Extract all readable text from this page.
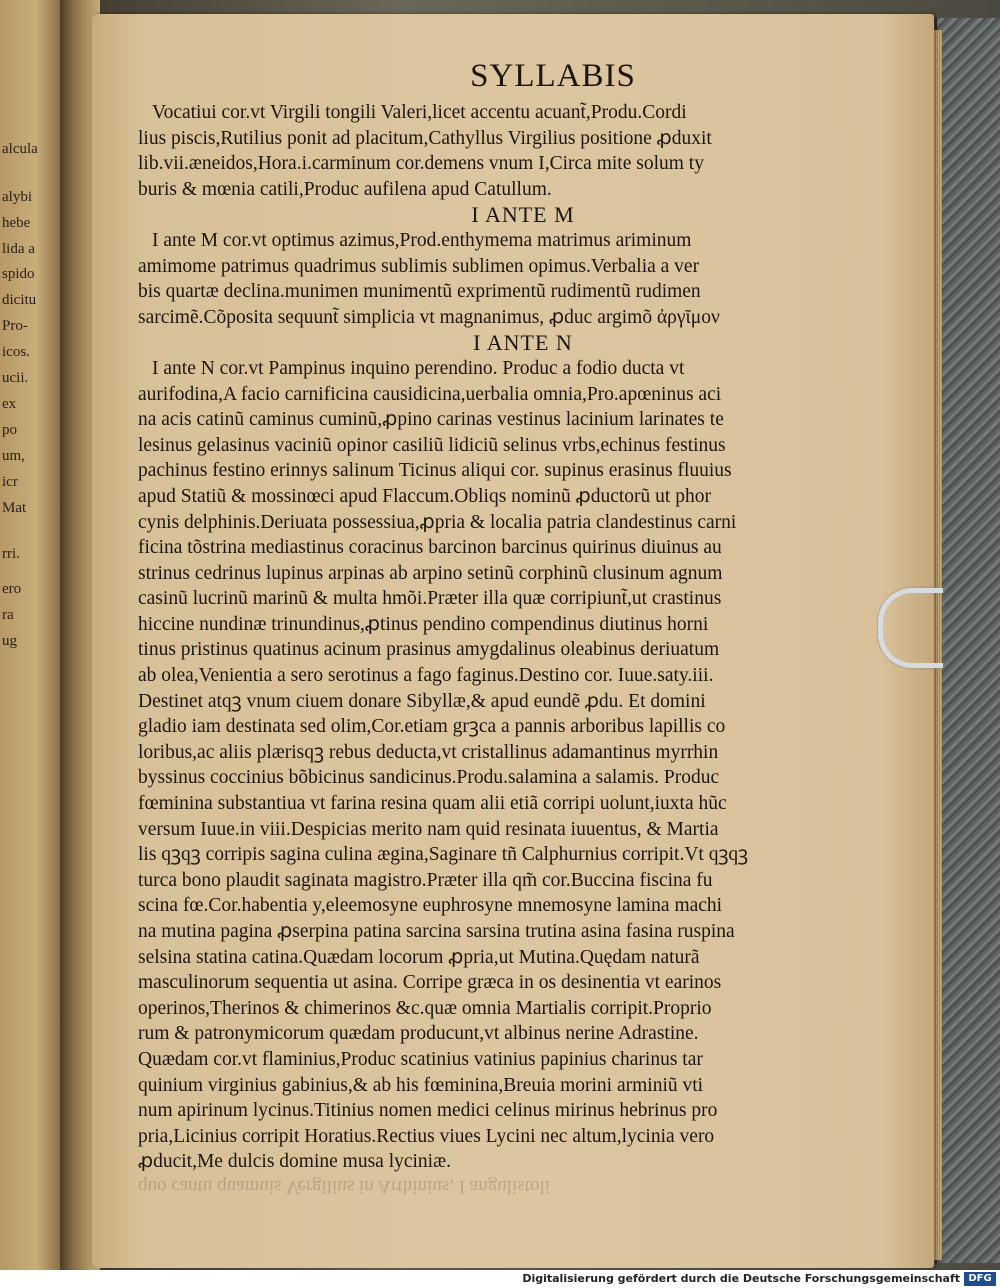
alcula
alybi
hebe
lida a
spido
dicitu
Pro-
icos.
ucii.
ex
po
um,
icr
Mat
rri.
ero
ra
ug
SYLLABIS
Vocatiui cor.vt Virgili tongili Valeri,licet accentu acuant̃,Produ.Cordi
lius piscis,Rutilius ponit ad placitum,Cathyllus Virgilius positione ꝓduxit
lib.vii.æneidos,Hora.i.carminum cor.demens vnum I,Circa mite solum ty
buris & mœnia catili,Produc aufilena apud Catullum.
I ANTE M
I ante M cor.vt optimus azimus,Prod.enthymema matrimus ariminum
amimome patrimus quadrimus sublimis sublimen opimus.Verbalia a ver
bis quartæ declina.munimen munimentũ exprimentũ rudimentũ rudimen
sarcimẽ.Cõposita sequunt̃ simplicia vt magnanimus, ꝓduc argimõ ἀργῖμον
I ANTE N
I ante N cor.vt Pampinus inquino perendino. Produc a fodio ducta vt
aurifodina,A facio carnificina causidicina,uerbalia omnia,Pro.apœninus aci
na acis catinũ caminus cuminũ,ꝓpino carinas vestinus lacinium larinates te
lesinus gelasinus vaciniũ opinor casiliũ lidiciũ selinus vrbs,echinus festinus
pachinus festino erinnys salinum Ticinus aliqui cor. supinus erasinus fluuius
apud Statiũ & mossinœci apud Flaccum.Obliqs nominũ ꝓductorũ ut phor
cynis delphinis.Deriuata possessiua,ꝓpria & localia patria clandestinus carni
ficina tõstrina mediastinus coracinus barcinon barcinus quirinus diuinus au
strinus cedrinus lupinus arpinas ab arpino setinũ corphinũ clusinum agnum
casinũ lucrinũ marinũ & multa hmõi.Præter illa quæ corripiunt̃,ut crastinus
hiccine nundinæ trinundinus,ꝓtinus pendino compendinus diutinus horni
tinus pristinus quatinus acinum prasinus amygdalinus oleabinus deriuatum
ab olea,Venientia a sero serotinus a fago faginus.Destino cor. Iuue.saty.iii.
Destinet atqꝫ vnum ciuem donare Sibyllæ,& apud eundẽ ꝓdu. Et domini
gladio iam destinata sed olim,Cor.etiam grꝫca a pannis arboribus lapillis co
loribus,ac aliis plærisqꝫ rebus deducta,vt cristallinus adamantinus myrrhin
byssinus coccinius bõbicinus sandicinus.Produ.salamina a salamis. Produc
fœminina substantiua vt farina resina quam alii etiã corripi uolunt,iuxta hũc
versum Iuue.in viii.Despicias merito nam quid resinata iuuentus, & Martia
lis qꝫqꝫ corripis sagina culina ægina,Saginare tñ Calphurnius corripit.Vt qꝫqꝫ
turca bono plaudit saginata magistro.Præter illa qm̃ cor.Buccina fiscina fu
scina fœ.Cor.habentia y,eleemosyne euphrosyne mnemosyne lamina machi
na mutina pagina ꝓserpina patina sarcina sarsina trutina asina fasina ruspina
selsina statina catina.Quædam locorum ꝓpria,ut Mutina.Quędam naturã
masculinorum sequentia ut asina. Corripe græca in os desinentia vt earinos
operinos,Therinos & chimerinos &c.quæ omnia Martialis corripit.Proprio
rum & patronymicorum quædam producunt,vt albinus nerine Adrastine.
Quædam cor.vt flaminius,Produc scatinius vatinius papinius charinus tar
quinium virginius gabinius,& ab his fœminina,Breuia morini arminiũ vti
num apirinum lycinus.Titinius nomen medici celinus mirinus hebrinus pro
pria,Licinius corripit Horatius.Rectius viues Lycini nec altum,lycinia vero
ꝓducit,Me dulcis domine musa lyciniæ.
quo cantu quamuis Vergilius in Arthinius, I angulistoli
Digitalisierung gefördert durch die Deutsche Forschungsgemeinschaft DFG
